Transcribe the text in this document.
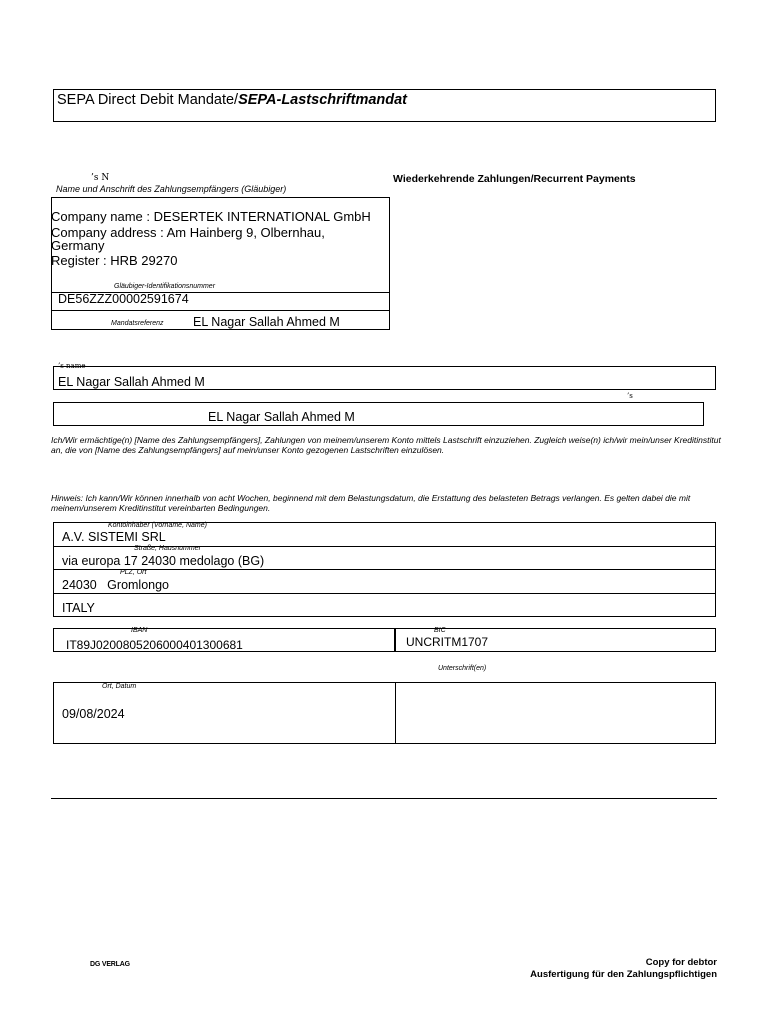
SEPA Direct Debit Mandate/SEPA-Lastschriftmandat
’s N
Name und Anschrift des Zahlungsempfängers (Gläubiger)
Wiederkehrende Zahlungen/Recurrent Payments
Company name : DESERTEK INTERNATIONAL GmbH
Company address : Am Hainberg 9, Olbernhau,
Germany
Register : HRB 29270
Gläubiger-Identifikationsnummer
DE56ZZZ00002591674
Mandatsreferenz EL Nagar Sallah Ahmed M
’s name
EL Nagar Sallah Ahmed M
’s
EL Nagar Sallah Ahmed M
Ich/Wir ermächtige(n) [Name des Zahlungsempfängers], Zahlungen von meinem/unserem Konto mittels Lastschrift einzuziehen. Zugleich weise(n) ich/wir mein/unser Kreditinstitut an, die von [Name des Zahlungsempfängers] auf mein/unser Konto gezogenen Lastschriften einzulösen.
Hinweis: Ich kann/Wir können innerhalb von acht Wochen, beginnend mit dem Belastungsdatum, die Erstattung des belasteten Betrags verlangen. Es gelten dabei die mit meinem/unserem Kreditinstitut vereinbarten Bedingungen.
Kontoinhaber (Vorname, Name)
A.V. SISTEMI SRL
Straße, Hausnummer
via europa 17 24030 medolago (BG)
PLZ, Ort
24030   Gromlongo
ITALY
IBAN
IT89J0200805206000401300681
BIC
UNCRITM1707
Unterschrift(en)
Ort, Datum
09/08/2024
DG VERLAG	Copy for debtor
Ausfertigung für den Zahlungspflichtigen
